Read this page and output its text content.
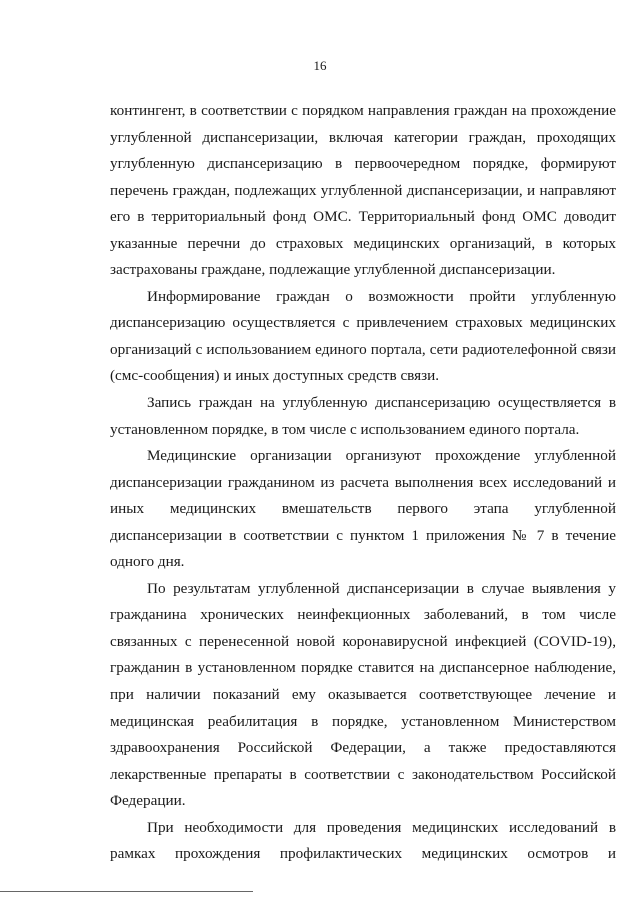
16

контингент, в соответствии с порядком направления граждан на прохождение углубленной диспансеризации, включая категории граждан, проходящих углубленную диспансеризацию в первоочередном порядке, формируют перечень граждан, подлежащих углубленной диспансеризации, и направляют его в территориальный фонд ОМС. Территориальный фонд ОМС доводит указанные перечни до страховых медицинских организаций, в которых застрахованы граждане, подлежащие углубленной диспансеризации.

Информирование граждан о возможности пройти углубленную диспансеризацию осуществляется с привлечением страховых медицинских организаций с использованием единого портала, сети радиотелефонной связи (смс-сообщения) и иных доступных средств связи.

Запись граждан на углубленную диспансеризацию осуществляется в установленном порядке, в том числе с использованием единого портала.

Медицинские организации организуют прохождение углубленной диспансеризации гражданином из расчета выполнения всех исследований и иных медицинских вмешательств первого этапа углубленной диспансеризации в соответствии с пунктом 1 приложения № 7 в течение одного дня.

По результатам углубленной диспансеризации в случае выявления у гражданина хронических неинфекционных заболеваний, в том числе связанных с перенесенной новой коронавирусной инфекцией (COVID-19), гражданин в установленном порядке ставится на диспансерное наблюдение, при наличии показаний ему оказывается соответствующее лечение и медицинская реабилитация в порядке, установленном Министерством здравоохранения Российской Федерации, а также предоставляются лекарственные препараты в соответствии с законодательством Российской Федерации.

При необходимости для проведения медицинских исследований в рамках прохождения профилактических медицинских осмотров и
